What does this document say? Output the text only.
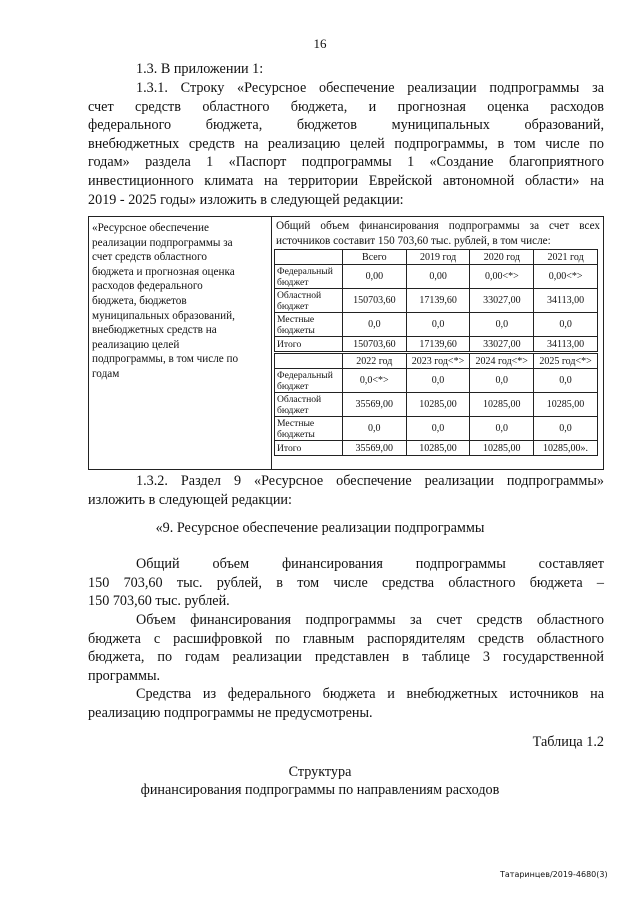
16
1.3. В приложении 1:
1.3.1. Строку «Ресурсное обеспечение реализации подпрограммы за
счет средств областного бюджета, и прогнозная оценка расходов
федерального бюджета, бюджетов муниципальных образований,
внебюджетных средств на реализацию целей подпрограммы, в том числе по
годам» раздела 1 «Паспорт подпрограммы 1 «Создание благоприятного
инвестиционного климата на территории Еврейской автономной области» на
2019 - 2025 годы» изложить в следующей редакции:
«Ресурсное обеспечение
реализации подпрограммы за
счет средств областного
бюджета и прогнозная оценка
расходов федерального
бюджета, бюджетов
муниципальных образований,
внебюджетных средств на
реализацию целей
подпрограммы, в том числе по
годам
Общий объем финансирования подпрограммы за счет всех
источников составит 150 703,60 тыс. рублей, в том числе:
	Всего	2019 год	2020 год	2021 год
Федеральный бюджет	0,00	0,00	0,00<*>	0,00<*>
Областной бюджет	150703,60	17139,60	33027,00	34113,00
Местные бюджеты	0,0	0,0	0,0	0,0
Итого	150703,60	17139,60	33027,00	34113,00
	2022 год	2023 год<*>	2024 год<*>	2025 год<*>
Федеральный бюджет	0,0<*>	0,0	0,0	0,0
Областной бюджет	35569,00	10285,00	10285,00	10285,00
Местные бюджеты	0,0	0,0	0,0	0,0
Итого	35569,00	10285,00	10285,00	10285,00».
1.3.2. Раздел 9 «Ресурсное обеспечение реализации подпрограммы»
изложить в следующей редакции:
«9. Ресурсное обеспечение реализации подпрограммы
Общий объем финансирования подпрограммы составляет
150 703,60 тыс. рублей, в том числе средства областного бюджета –
150 703,60 тыс. рублей.
Объем финансирования подпрограммы за счет средств областного
бюджета с расшифровкой по главным распорядителям средств областного
бюджета, по годам реализации представлен в таблице 3 государственной
программы.
Средства из федерального бюджета и внебюджетных источников на
реализацию подпрограммы не предусмотрены.
Таблица 1.2
Структура
финансирования подпрограммы по направлениям расходов
Татаринцев/2019-4680(3)
